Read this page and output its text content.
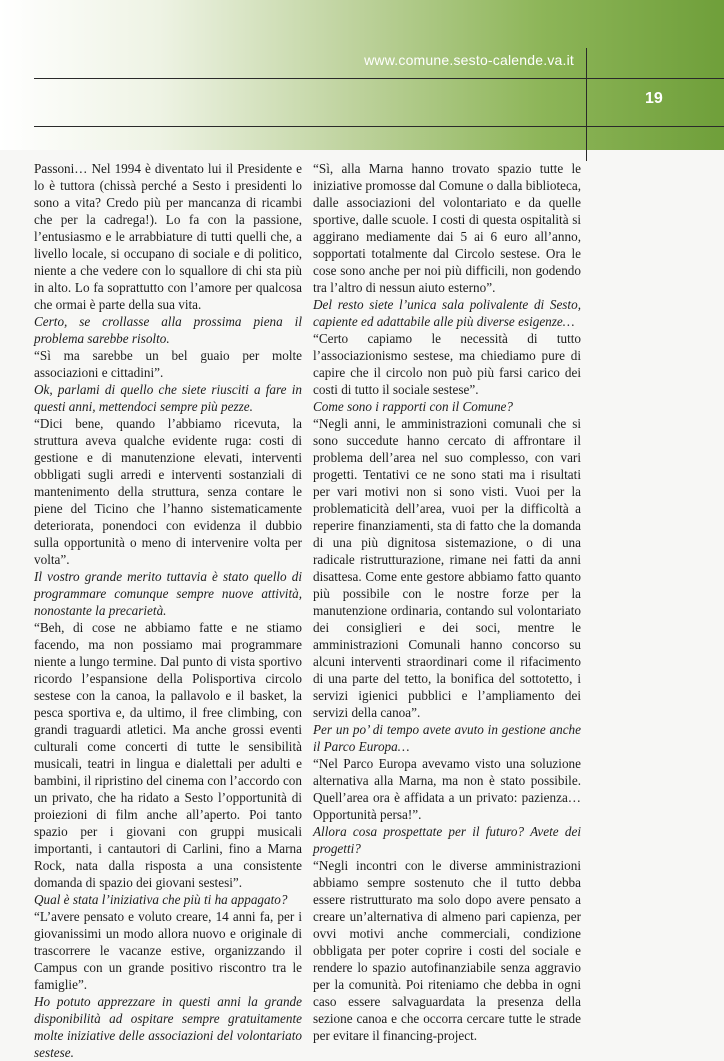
www.comune.sesto-calende.va.it
19

Passoni… Nel 1994 è diventato lui il Presidente e lo è tuttora (chissà perché a Sesto i presidenti lo sono a vita? Credo più per mancanza di ricambi che per la cadrega!). Lo fa con la passione, l’entusiasmo e le arrabbiature di tutti quelli che, a livello locale, si occupano di sociale e di politico, niente a che vedere con lo squallore di chi sta più in alto. Lo fa soprattutto con l’amore per qualcosa che ormai è parte della sua vita.

Certo, se crollasse alla prossima piena il problema sarebbe risolto.

“Sì ma sarebbe un bel guaio per molte associazioni e cittadini”.

Ok, parlami di quello che siete riusciti a fare in questi anni, mettendoci sempre più pezze.

“Dici bene, quando l’abbiamo ricevuta, la struttura aveva qualche evidente ruga: costi di gestione e di manutenzione elevati, interventi obbligati sugli arredi e interventi sostanziali di mantenimento della struttura, senza contare le piene del Ticino che l’hanno sistematicamente deteriorata, ponendoci con evidenza il dubbio sulla opportunità o meno di intervenire volta per volta”.

Il vostro grande merito tuttavia è stato quello di programmare comunque sempre nuove attività, nonostante la precarietà.

“Beh, di cose ne abbiamo fatte e ne stiamo facendo, ma non possiamo mai programmare niente a lungo termine. Dal punto di vista sportivo ricordo l’espansione della Polisportiva circolo sestese con la canoa, la pallavolo e il basket, la pesca sportiva e, da ultimo, il free climbing, con grandi traguardi atletici. Ma anche grossi eventi culturali come concerti di tutte le sensibilità musicali, teatri in lingua e dialettali per adulti e bambini, il ripristino del cinema con l’accordo con un privato, che ha ridato a Sesto l’opportunità di proiezioni di film anche all’aperto. Poi tanto spazio per i giovani con gruppi musicali importanti, i cantautori di Carlini, fino a Marna Rock, nata dalla risposta a una consistente domanda di spazio dei giovani sestesi”.

Qual è stata l’iniziativa che più ti ha appagato?

“L’avere pensato e voluto creare, 14 anni fa, per i giovanissimi un modo allora nuovo e originale di trascorrere le vacanze estive, organizzando il Campus con un grande positivo riscontro tra le famiglie”.

Ho potuto apprezzare in questi anni la grande disponibilità ad ospitare sempre gratuitamente molte iniziative delle associazioni del volontariato sestese.

“Sì, alla Marna hanno trovato spazio tutte le iniziative promosse dal Comune o dalla biblioteca, dalle associazioni del volontariato e da quelle sportive, dalle scuole. I costi di questa ospitalità si aggirano mediamente dai 5 ai 6 euro all’anno, sopportati totalmente dal Circolo sestese. Ora le cose sono anche per noi più difficili, non godendo tra l’altro di nessun aiuto esterno”.

Del resto siete l’unica sala polivalente di Sesto, capiente ed adattabile alle più diverse esigenze…

“Certo capiamo le necessità di tutto l’associazionismo sestese, ma chiediamo pure di capire che il circolo non può più farsi carico dei costi di tutto il sociale sestese”.

Come sono i rapporti con il Comune?

“Negli anni, le amministrazioni comunali che si sono succedute hanno cercato di affrontare il problema dell’area nel suo complesso, con vari progetti. Tentativi ce ne sono stati ma i risultati per vari motivi non si sono visti. Vuoi per la problematicità dell’area, vuoi per la difficoltà a reperire finanziamenti, sta di fatto che la domanda di una più dignitosa sistemazione, o di una radicale ristrutturazione, rimane nei fatti da anni disattesa. Come ente gestore abbiamo fatto quanto più possibile con le nostre forze per la manutenzione ordinaria, contando sul volontariato dei consiglieri e dei soci, mentre le amministrazioni Comunali hanno concorso su alcuni interventi straordinari come il rifacimento di una parte del tetto, la bonifica del sottotetto, i servizi igienici pubblici e l’ampliamento dei servizi della canoa”.

Per un po’ di tempo avete avuto in gestione anche il Parco Europa…

“Nel Parco Europa avevamo visto una soluzione alternativa alla Marna, ma non è stato possibile. Quell’area ora è affidata a un privato: pazienza… Opportunità persa!”.

Allora cosa prospettate per il futuro? Avete dei progetti?

“Negli incontri con le diverse amministrazioni abbiamo sempre sostenuto che il tutto debba essere ristrutturato ma solo dopo avere pensato a creare un’alternativa di almeno pari capienza, per ovvi motivi anche commerciali, condizione obbligata per poter coprire i costi del sociale e rendere lo spazio autofinanziabile senza aggravio per la comunità. Poi riteniamo che debba in ogni caso essere salvaguardata la presenza della sezione canoa e che occorra cercare tutte le strade per evitare il financing-project.
